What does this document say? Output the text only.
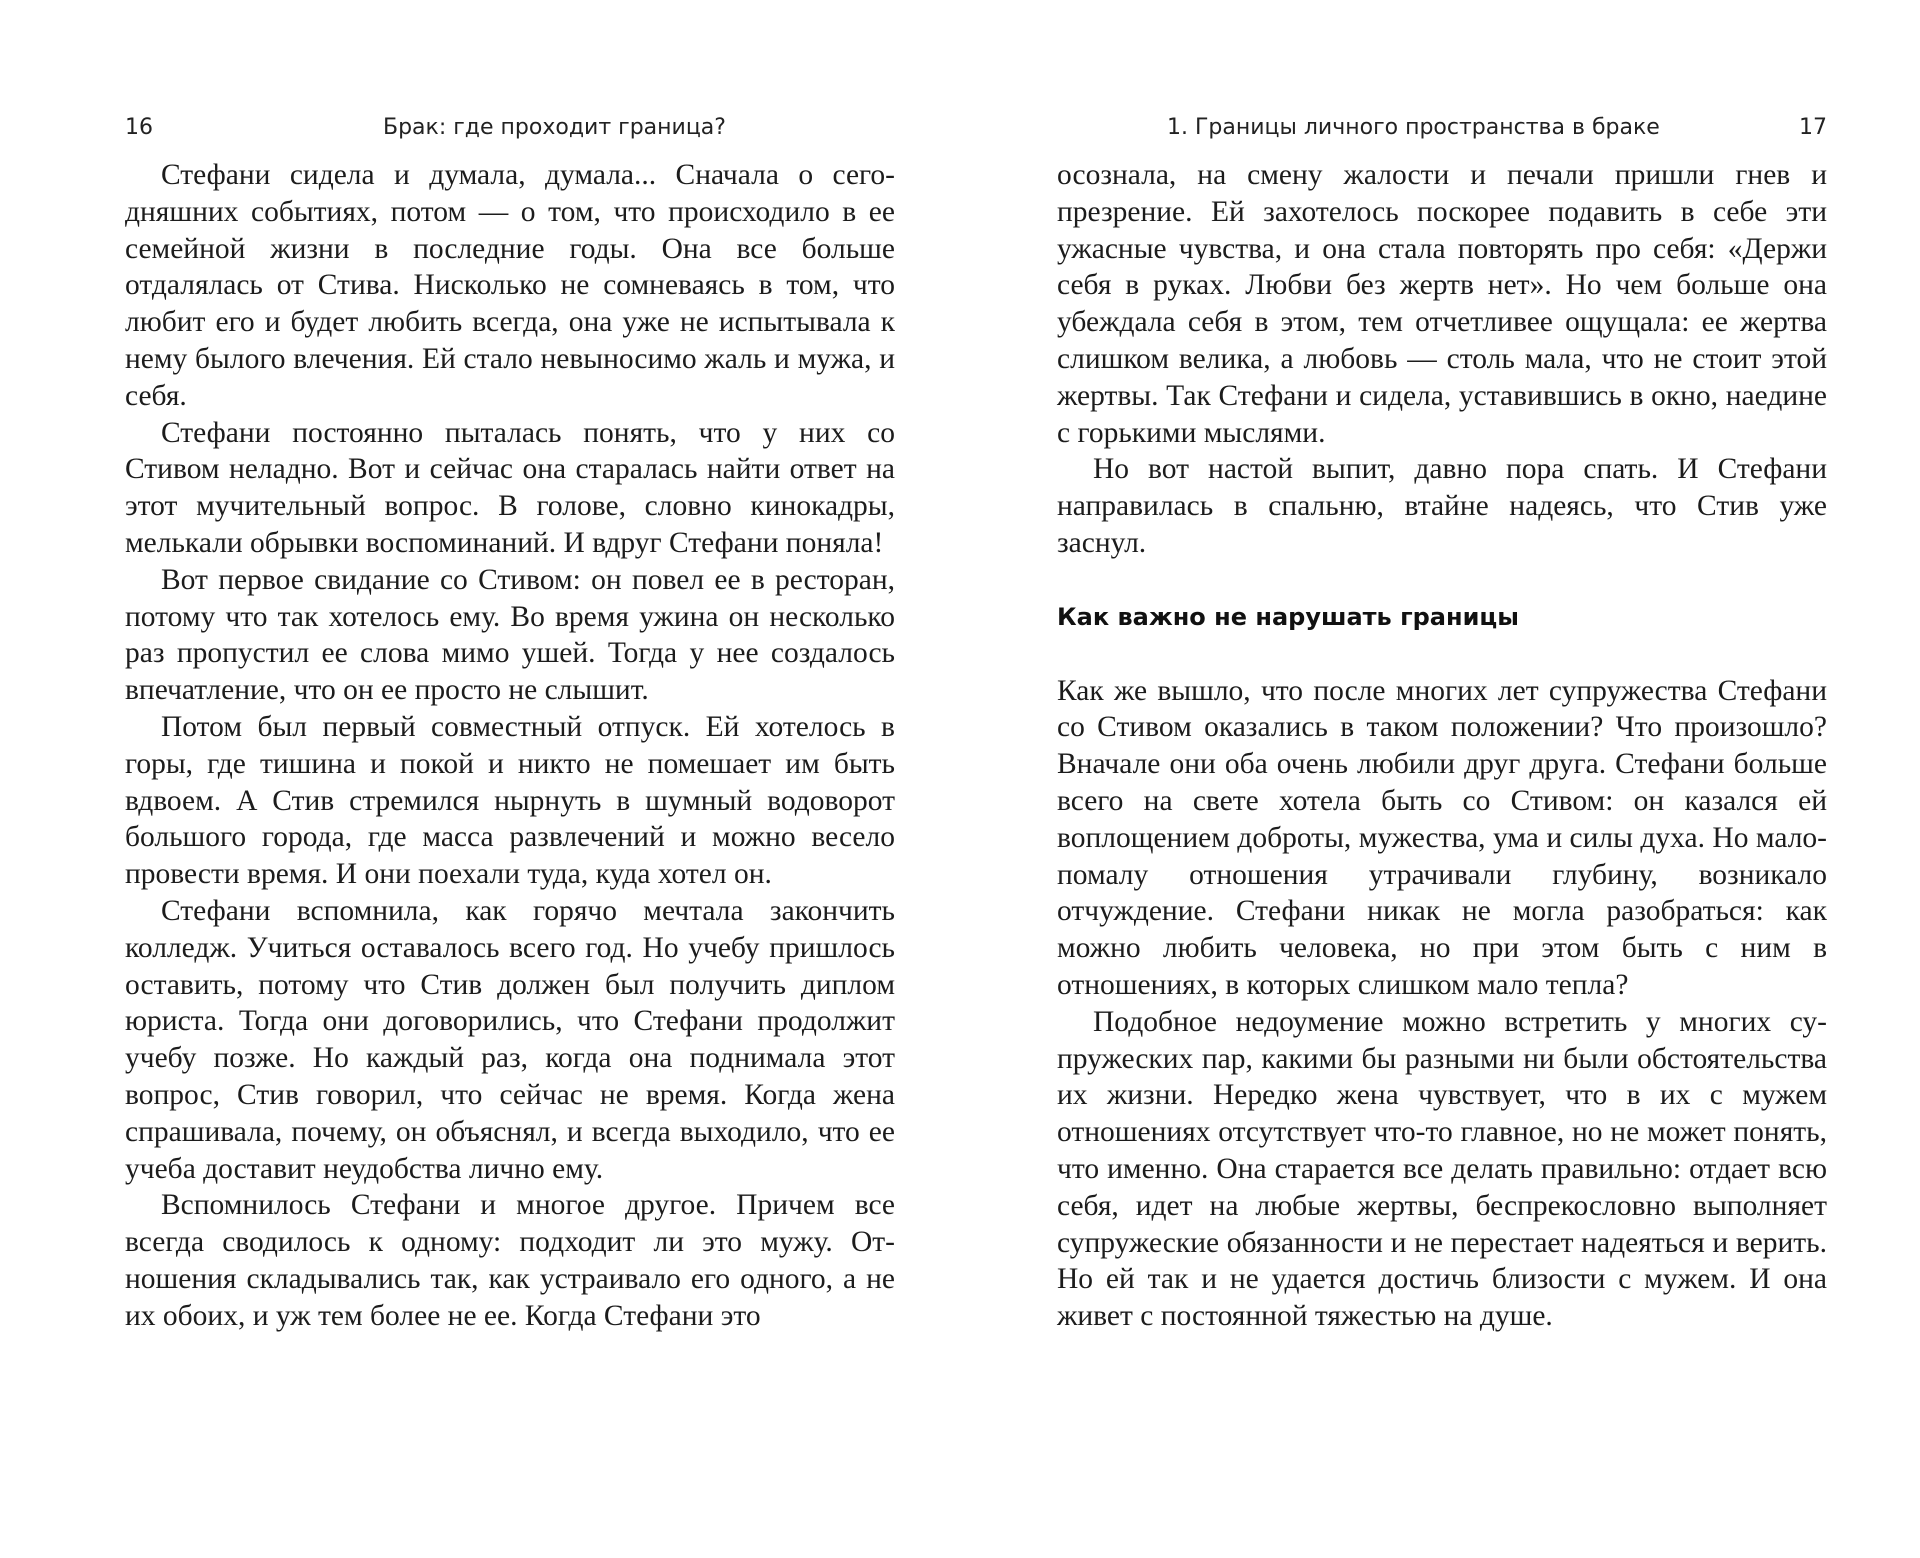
16	Брак: где проходит граница?

Стефани сидела и думала, думала... Сначала о сегодняшних событиях, потом — о том, что происходило в ее семейной жизни в последние годы. Она все больше отдалялась от Стива. Нисколько не сомневаясь в том, что любит его и будет любить всегда, она уже не испытывала к нему былого влечения. Ей стало невыносимо жаль и мужа, и себя.

Стефани постоянно пыталась понять, что у них со Стивом неладно. Вот и сейчас она старалась найти ответ на этот мучительный вопрос. В голове, словно кинокадры, мелькали обрывки воспоминаний. И вдруг Стефани поняла!

Вот первое свидание со Стивом: он повел ее в ресторан, потому что так хотелось ему. Во время ужина он несколько раз пропустил ее слова мимо ушей. Тогда у нее создалось впечатление, что он ее просто не слышит.

Потом был первый совместный отпуск. Ей хотелось в горы, где тишина и покой и никто не помешает им быть вдвоем. А Стив стремился нырнуть в шумный водоворот большого города, где масса развлечений и можно весело провести время. И они поехали туда, куда хотел он.

Стефани вспомнила, как горячо мечтала закончить колледж. Учиться оставалось всего год. Но учебу пришлось оставить, потому что Стив должен был получить диплом юриста. Тогда они договорились, что Стефани продолжит учебу позже. Но каждый раз, когда она поднимала этот вопрос, Стив говорил, что сейчас не время. Когда жена спрашивала, почему, он объяснял, и всегда выходило, что ее учеба доставит неудобства лично ему.

Вспомнилось Стефани и многое другое. Причем все всегда сводилось к одному: подходит ли это мужу. Отношения складывались так, как устраивало его одного, а не их обоих, и уж тем более не ее. Когда Стефани это

1. Границы личного пространства в браке	17

осознала, на смену жалости и печали пришли гнев и презрение. Ей захотелось поскорее подавить в себе эти ужасные чувства, и она стала повторять про себя: «Держи себя в руках. Любви без жертв нет». Но чем больше она убеждала себя в этом, тем отчетливее ощущала: ее жертва слишком велика, а любовь — столь мала, что не стоит этой жертвы. Так Стефани и сидела, уставившись в окно, наедине с горькими мыслями.

Но вот настой выпит, давно пора спать. И Стефани направилась в спальню, втайне надеясь, что Стив уже заснул.

Как важно не нарушать границы

Как же вышло, что после многих лет супружества Стефани со Стивом оказались в таком положении? Что произошло? Вначале они оба очень любили друг друга. Стефани больше всего на свете хотела быть со Стивом: он казался ей воплощением доброты, мужества, ума и силы духа. Но мало-помалу отношения утрачивали глубину, возникало отчуждение. Стефани никак не могла разобраться: как можно любить человека, но при этом быть с ним в отношениях, в которых слишком мало тепла?

Подобное недоумение можно встретить у многих супружеских пар, какими бы разными ни были обстоятельства их жизни. Нередко жена чувствует, что в их с мужем отношениях отсутствует что-то главное, но не может понять, что именно. Она старается все делать правильно: отдает всю себя, идет на любые жертвы, беспрекословно выполняет супружеские обязанности и не перестает надеяться и верить. Но ей так и не удается достичь близости с мужем. И она живет с постоянной тяжестью на душе.
